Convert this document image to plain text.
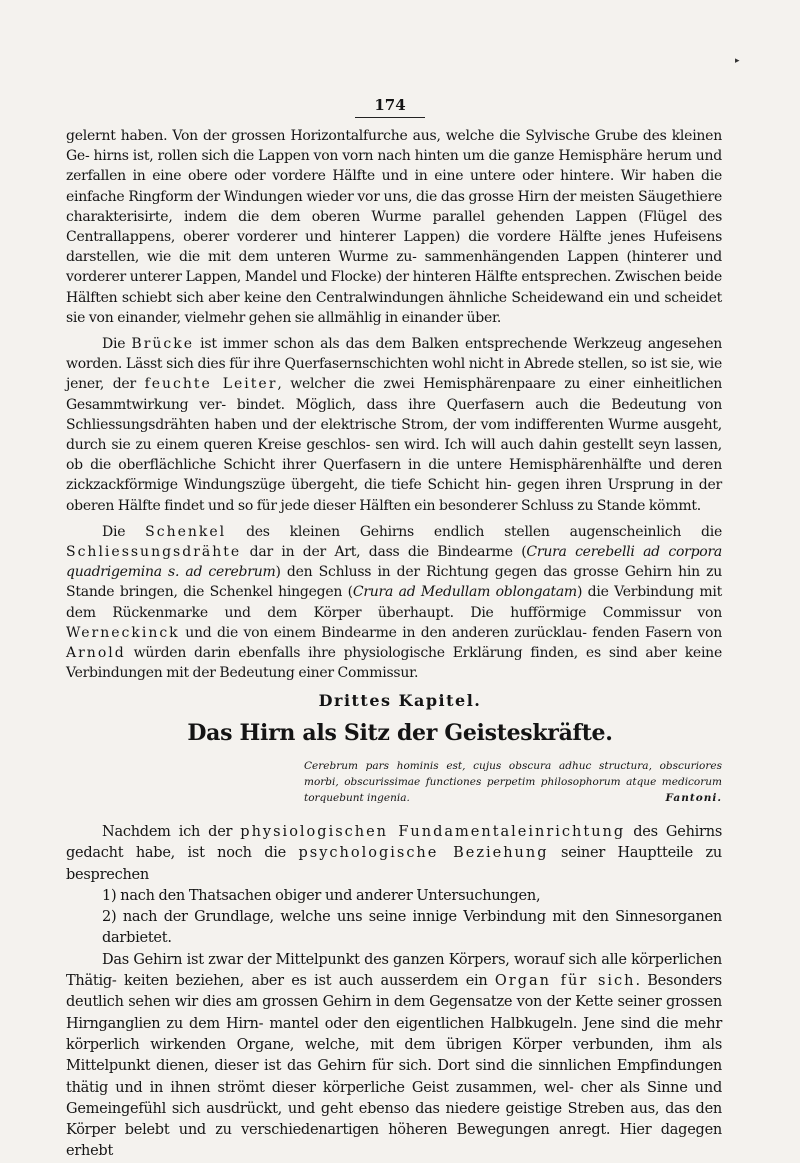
▸
174

gelernt haben. Von der grossen Horizontalfurche aus, welche die Sylvische Grube des kleinen Ge- hirns ist, rollen sich die Lappen von vorn nach hinten um die ganze Hemisphäre herum und zerfallen in eine obere oder vordere Hälfte und in eine untere oder hintere. Wir haben die einfache Ringform der Windungen wieder vor uns, die das grosse Hirn der meisten Säugethiere charakterisirte, indem die dem oberen Wurme parallel gehenden Lappen (Flügel des Centrallappens, oberer vorderer und hinterer Lappen) die vordere Hälfte jenes Hufeisens darstellen, wie die mit dem unteren Wurme zu- sammenhängenden Lappen (hinterer und vorderer unterer Lappen, Mandel und Flocke) der hinteren Hälfte entsprechen. Zwischen beide Hälften schiebt sich aber keine den Centralwindungen ähnliche Scheidewand ein und scheidet sie von einander, vielmehr gehen sie allmählig in einander über.

Die Brücke ist immer schon als das dem Balken entsprechende Werkzeug angesehen worden. Lässt sich dies für ihre Querfasernschichten wohl nicht in Abrede stellen, so ist sie, wie jener, der feuchte Leiter, welcher die zwei Hemisphärenpaare zu einer einheitlichen Gesammtwirkung ver- bindet. Möglich, dass ihre Querfasern auch die Bedeutung von Schliessungsdrähten haben und der elektrische Strom, der vom indifferenten Wurme ausgeht, durch sie zu einem queren Kreise geschlos- sen wird. Ich will auch dahin gestellt seyn lassen, ob die oberflächliche Schicht ihrer Querfasern in die untere Hemisphärenhälfte und deren zickzackförmige Windungszüge übergeht, die tiefe Schicht hin- gegen ihren Ursprung in der oberen Hälfte findet und so für jede dieser Hälften ein besonderer Schluss zu Stande kömmt.

Die Schenkel des kleinen Gehirns endlich stellen augenscheinlich die Schliessungsdrähte dar in der Art, dass die Bindearme (Crura cerebelli ad corpora quadrigemina s. ad cerebrum) den Schluss in der Richtung gegen das grosse Gehirn hin zu Stande bringen, die Schenkel hingegen (Crura ad Medullam oblongatam) die Verbindung mit dem Rückenmarke und dem Körper überhaupt. Die hufförmige Commissur von Werneckinck und die von einem Bindearme in den anderen zurücklau- fenden Fasern von Arnold würden darin ebenfalls ihre physiologische Erklärung finden, es sind aber keine Verbindungen mit der Bedeutung einer Commissur.

Drittes Kapitel.
Das Hirn als Sitz der Geisteskräfte.
Cerebrum pars hominis est, cujus obscura adhuc structura, obscuriores morbi, obscurissimae functiones perpetim philosophorum atque medicorum torquebunt ingenia.	Fantoni.

Nachdem ich der physiologischen Fundamentaleinrichtung des Gehirns gedacht habe, ist noch die psychologische Beziehung seiner Hauptteile zu besprechen

1) nach den Thatsachen obiger und anderer Untersuchungen,

2) nach der Grundlage, welche uns seine innige Verbindung mit den Sinnesorganen darbietet.

Das Gehirn ist zwar der Mittelpunkt des ganzen Körpers, worauf sich alle körperlichen Thätig- keiten beziehen, aber es ist auch ausserdem ein Organ für sich. Besonders deutlich sehen wir dies am grossen Gehirn in dem Gegensatze von der Kette seiner grossen Hirnganglien zu dem Hirn- mantel oder den eigentlichen Halbkugeln. Jene sind die mehr körperlich wirkenden Organe, welche, mit dem übrigen Körper verbunden, ihm als Mittelpunkt dienen, dieser ist das Gehirn für sich. Dort sind die sinnlichen Empfindungen thätig und in ihnen strömt dieser körperliche Geist zusammen, wel- cher als Sinne und Gemeingefühl sich ausdrückt, und geht ebenso das niedere geistige Streben aus, das den Körper belebt und zu verschiedenartigen höheren Bewegungen anregt. Hier dagegen erhebt
